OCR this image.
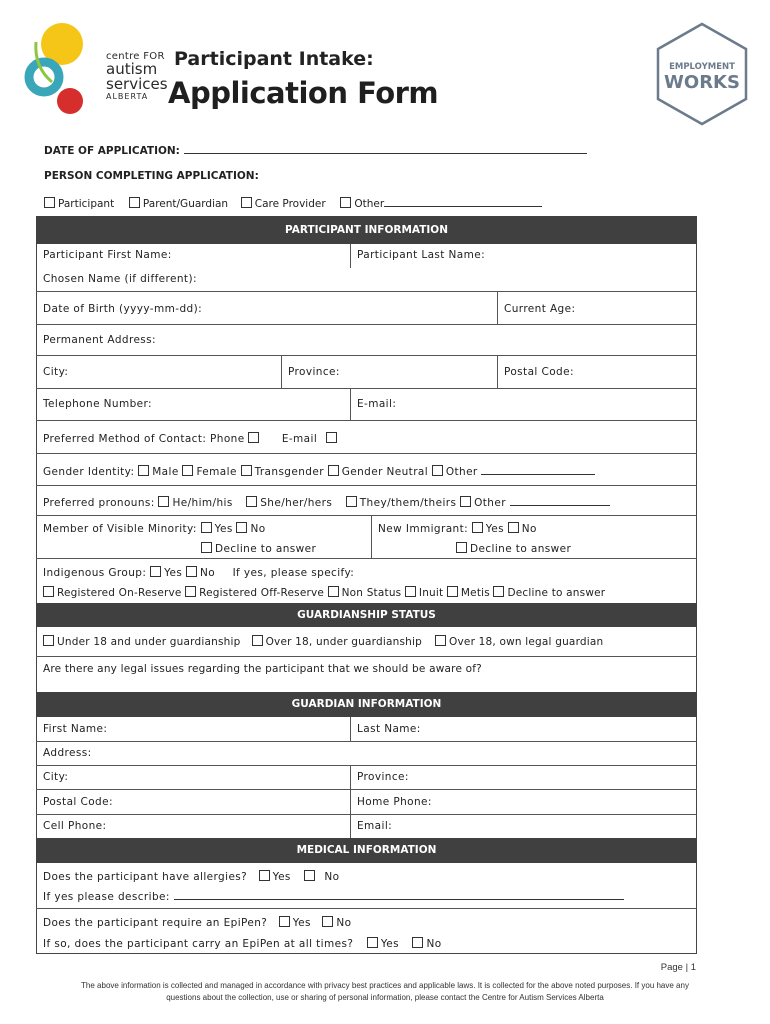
centre FOR
autism
services
ALBERTA
Participant Intake:
Application Form
EMPLOYMENT
WORKS
DATE OF APPLICATION:
PERSON COMPLETING APPLICATION:
Participant	Parent/Guardian	Care Provider	Other
PARTICIPANT INFORMATION
GUARDIANSHIP STATUS
GUARDIAN INFORMATION
MEDICAL INFORMATION
Participant First Name:	Participant Last Name:
Chosen Name (if different):
Date of Birth (yyyy-mm-dd):	Current Age:
Permanent Address:
City:	Province:	Postal Code:
Telephone Number:	E-mail:
Preferred Method of Contact: Phone	E-mail
Gender Identity: Male Female Transgender Gender Neutral Other
Preferred pronouns: He/him/his	She/her/hers	They/them/theirs Other
Member of Visible Minority: Yes No
Decline to answer
New Immigrant: Yes No
Decline to answer
Indigenous Group: Yes No If yes, please specify:
Registered On-Reserve Registered Off-Reserve Non Status Inuit Metis Decline to answer
Under 18 and under guardianship Over 18, under guardianship	Over 18, own legal guardian
Are there any legal issues regarding the participant that we should be aware of?
First Name:	Last Name:
Address:
City:	Province:
Postal Code:	Home Phone:
Cell Phone:	Email:
Does the participant have allergies? Yes	No
If yes please describe:
Does the participant require an EpiPen? Yes No
If so, does the participant carry an EpiPen at all times?	Yes	No
Page | 1
The above information is collected and managed in accordance with privacy best practices and applicable laws. It is collected for the above noted purposes. If you have any
questions about the collection, use or sharing of personal information, please contact the Centre for Autism Services Alberta
